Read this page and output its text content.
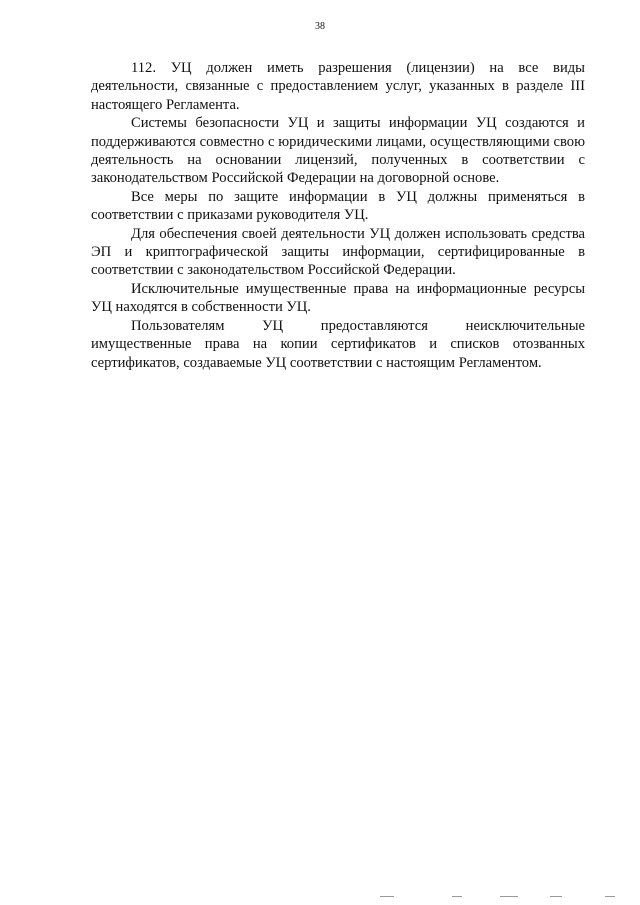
38

112. УЦ должен иметь разрешения (лицензии) на все виды деятельности, связанные с предоставлением услуг, указанных в разделе III настоящего Регламента.

Системы безопасности УЦ и защиты информации УЦ создаются и поддерживаются совместно с юридическими лицами, осуществляющими свою деятельность на основании лицензий, полученных в соответствии с законодательством Российской Федерации на договорной основе.

Все меры по защите информации в УЦ должны применяться в соответствии с приказами руководителя УЦ.

Для обеспечения своей деятельности УЦ должен использовать средства ЭП и криптографической защиты информации, сертифицированные в соответствии с законодательством Российской Федерации.

Исключительные имущественные права на информационные ресурсы УЦ находятся в собственности УЦ.

Пользователям УЦ предоставляются неисключительные имущественные права на копии сертификатов и списков отозванных сертификатов, создаваемые УЦ соответствии с настоящим Регламентом.
